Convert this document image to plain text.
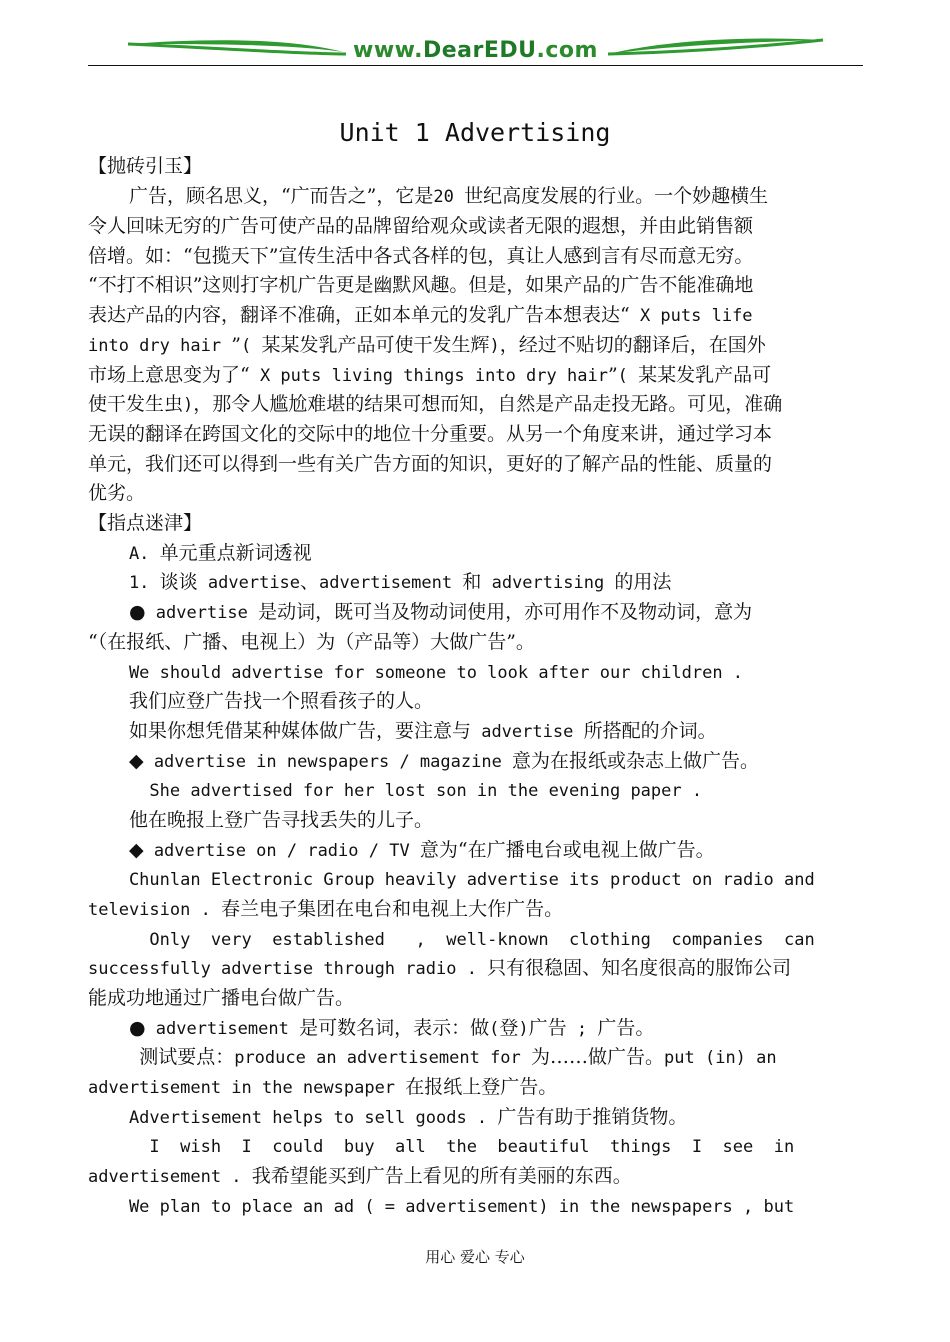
www.DearEDU.com
Unit 1 Advertising
【抛砖引玉】
广告，顾名思义，“广而告之”，它是20 世纪高度发展的行业。一个妙趣横生
令人回味无穷的广告可使产品的品牌留给观众或读者无限的遐想，并由此销售额
倍增。如：“包揽天下”宣传生活中各式各样的包，真让人感到言有尽而意无穷。
“不打不相识”这则打字机广告更是幽默风趣。但是，如果产品的广告不能准确地
表达产品的内容，翻译不准确，正如本单元的发乳广告本想表达“ X puts life
into dry hair ”( 某某发乳产品可使干发生辉)，经过不贴切的翻译后，在国外
市场上意思变为了“ X puts living things into dry hair”( 某某发乳产品可
使干发生虫)，那令人尴尬难堪的结果可想而知，自然是产品走投无路。可见，准确
无误的翻译在跨国文化的交际中的地位十分重要。从另一个角度来讲，通过学习本
单元，我们还可以得到一些有关广告方面的知识，更好的了解产品的性能、质量的
优劣。
【指点迷津】
A. 单元重点新词透视
1. 谈谈 advertise、advertisement 和 advertising 的用法
● advertise 是动词，既可当及物动词使用，亦可用作不及物动词，意为
“（在报纸、广播、电视上）为（产品等）大做广告”。
We should advertise for someone to look after our children .
我们应登广告找一个照看孩子的人。
如果你想凭借某种媒体做广告，要注意与 advertise 所搭配的介词。
◆ advertise in newspapers / magazine 意为在报纸或杂志上做广告。
She advertised for her lost son in the evening paper .
他在晚报上登广告寻找丢失的儿子。
◆ advertise on / radio / TV 意为“在广播电台或电视上做广告。
Chunlan Electronic Group heavily advertise its product on radio and
television . 春兰电子集团在电台和电视上大作广告。
Only  very  established   ,  well-known  clothing  companies  can
successfully advertise through radio . 只有很稳固、知名度很高的服饰公司
能成功地通过广播电台做广告。
● advertisement 是可数名词，表示：做(登)广告 ; 广告。
测试要点：produce an advertisement for 为……做广告。put (in) an
advertisement in the newspaper 在报纸上登广告。
Advertisement helps to sell goods . 广告有助于推销货物。
I  wish  I  could  buy  all  the  beautiful  things  I  see  in
advertisement . 我希望能买到广告上看见的所有美丽的东西。
We plan to place an ad ( = advertisement) in the newspapers , but
用心 爱心 专心
